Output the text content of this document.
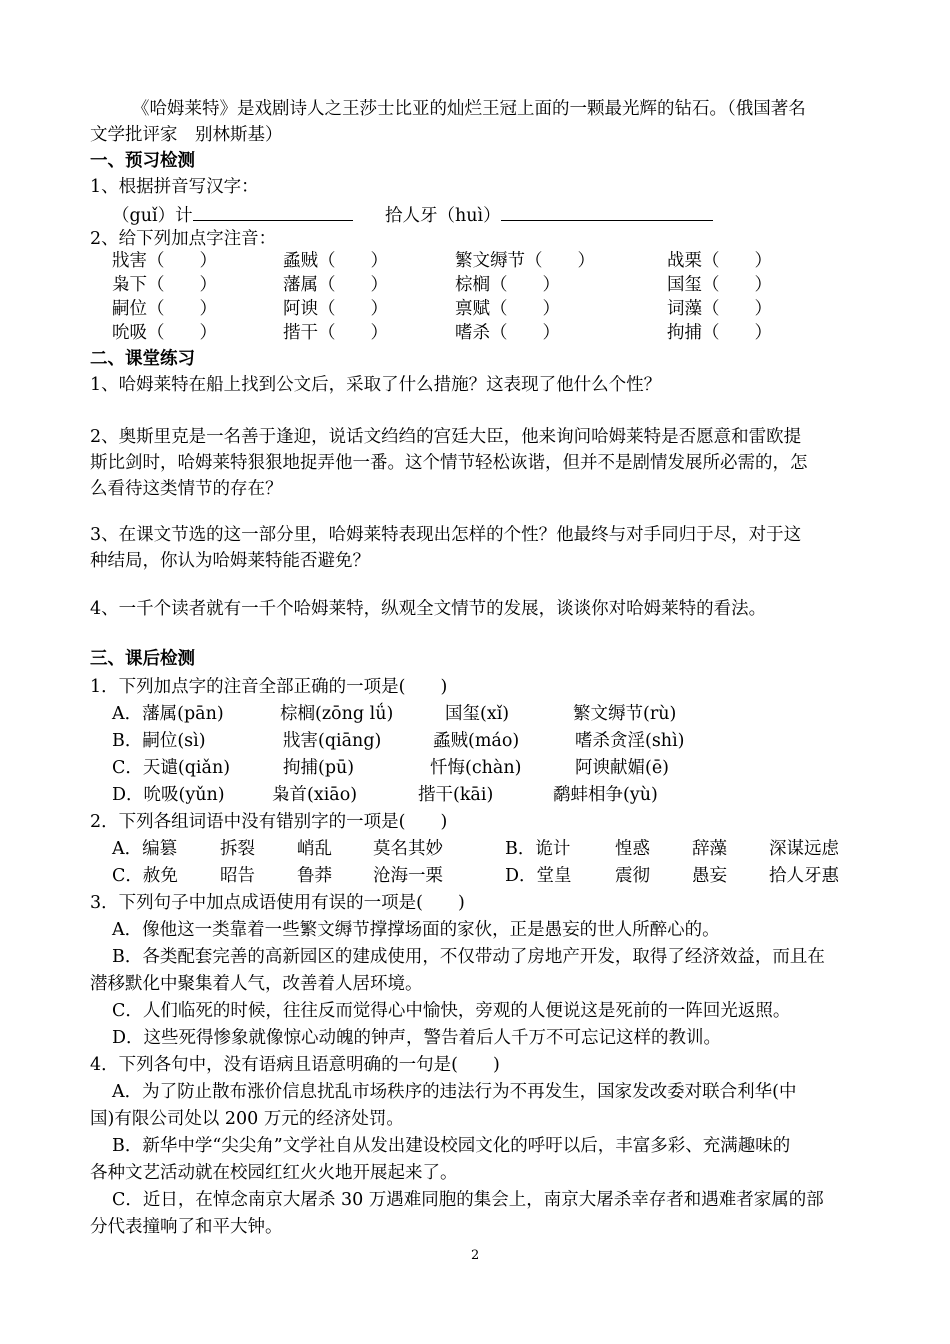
《哈姆莱特》是戏剧诗人之王莎士比亚的灿烂王冠上面的一颗最光辉的钻石。（俄国著名
文学批评家　别林斯基）
一、预习检测
1、根据拼音写汉字：
（guǐ）计	拾人牙（huì）
2、给下列加点字注音：
戕害（　　）	蟊贼（　　）	繁文缛节（　　）	战栗（　　）
枭下（　　）	藩属（　　）	棕榈（　　）	国玺（　　）
嗣位（　　）	阿谀（　　）	禀赋（　　）	词藻（　　）
吮吸（　　）	揩干（　　）	嗜杀（　　）	拘捕（　　）
二、课堂练习
1、哈姆莱特在船上找到公文后，采取了什么措施？这表现了他什么个性？
2、奥斯里克是一名善于逢迎，说话文绉绉的宫廷大臣，他来询问哈姆莱特是否愿意和雷欧提
斯比剑时，哈姆莱特狠狠地捉弄他一番。这个情节轻松诙谐，但并不是剧情发展所必需的，怎
么看待这类情节的存在？
3、在课文节选的这一部分里，哈姆莱特表现出怎样的个性？他最终与对手同归于尽，对于这
种结局，你认为哈姆莱特能否避免？
4、一千个读者就有一千个哈姆莱特，纵观全文情节的发展，谈谈你对哈姆莱特的看法。
三、课后检测
1．下列加点字的注音全部正确的一项是(　　)
A．藩属(pān)	棕榈(zōng lǘ)	国玺(xǐ)	繁文缛节(rù)
B．嗣位(sì)	戕害(qiāng)	蟊贼(máo)	嗜杀贪淫(shì)
C．天谴(qiǎn)	拘捕(pū)	忏悔(chàn)	阿谀献媚(ē)
D．吮吸(yǔn)	枭首(xiāo)	揩干(kāi)	鹬蚌相争(yù)
2．下列各组词语中没有错别字的一项是(　　)
A．编篡 拆裂 峭乱 莫名其妙	B．诡计	惶惑 辞藻 深谋远虑
C．赦免 昭告 鲁莽 沧海一栗	D．堂皇 震彻 愚妄 拾人牙惠
3．下列句子中加点成语使用有误的一项是(　　)
A．像他这一类靠着一些繁文缛节撑撑场面的家伙，正是愚妄的世人所醉心的。
B．各类配套完善的高新园区的建成使用，不仅带动了房地产开发，取得了经济效益，而且在
潜移默化中聚集着人气，改善着人居环境。
C．人们临死的时候，往往反而觉得心中愉快，旁观的人便说这是死前的一阵回光返照。
D．这些死得惨象就像惊心动魄的钟声，警告着后人千万不可忘记这样的教训。
4．下列各句中，没有语病且语意明确的一句是(　　)
A．为了防止散布涨价信息扰乱市场秩序的违法行为不再发生，国家发改委对联合利华(中
国)有限公司处以 200 万元的经济处罚。
B．新华中学“尖尖角”文学社自从发出建设校园文化的呼吁以后，丰富多彩、充满趣味的
各种文艺活动就在校园红红火火地开展起来了。
C．近日，在悼念南京大屠杀 30 万遇难同胞的集会上，南京大屠杀幸存者和遇难者家属的部
分代表撞响了和平大钟。
2
